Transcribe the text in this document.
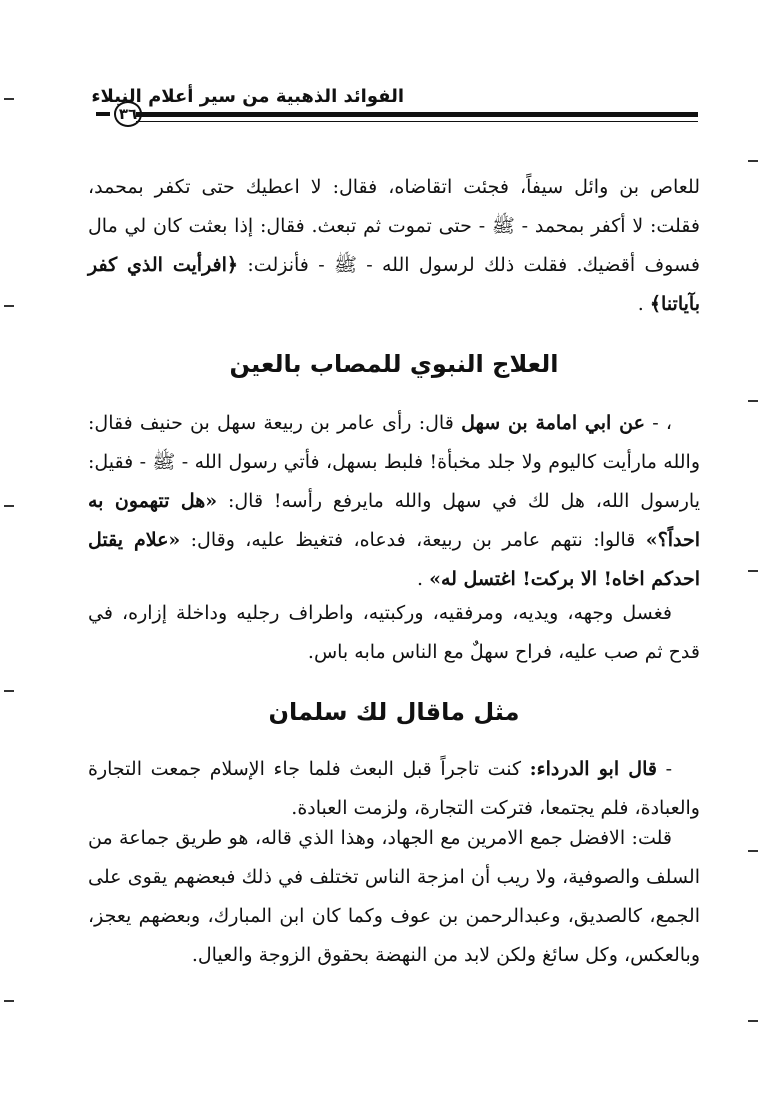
الفوائد الذهبية من سير أعلام النبلاء
٣٦
للعاص بن وائل سيفاً، فجئت اتقاضاه، فقال: لا اعطيك حتى تكفر بمحمد، فقلت: لا أكفر بمحمد - ﷺ - حتى تموت ثم تبعث. فقال: إذا بعثت كان لي مال فسوف أقضيك. فقلت ذلك لرسول الله - ﷺ - فأنزلت: ﴿افرأيت الذي كفر بآياتنا﴾ .
العلاج النبوي للمصاب بالعين
، - عن ابي امامة بن سهل قال: رأى عامر بن ربيعة سهل بن حنيف فقال: والله مارأيت كاليوم ولا جلد مخبأة! فلبط بسهل، فأتي رسول الله - ﷺ - فقيل: يارسول الله، هل لك في سهل والله مايرفع رأسه! قال: «هل تتهمون به احداً؟» قالوا: نتهم عامر بن ربيعة، فدعاه، فتغيظ عليه، وقال: «علام يقتل احدكم اخاه! الا بركت! اغتسل له» .
فغسل وجهه، ويديه، ومرفقيه، وركبتيه، واطراف رجليه وداخلة إزاره، في قدح ثم صب عليه، فراح سهلٌ مع الناس مابه باس.
مثل ماقال لك سلمان
- قال ابو الدرداء: كنت تاجراً قبل البعث فلما جاء الإسلام جمعت التجارة والعبادة، فلم يجتمعا، فتركت التجارة، ولزمت العبادة.
قلت: الافضل جمع الامرين مع الجهاد، وهذا الذي قاله، هو طريق جماعة من السلف والصوفية، ولا ريب أن امزجة الناس تختلف في ذلك فبعضهم يقوى على الجمع، كالصديق، وعبدالرحمن بن عوف وكما كان ابن المبارك، وبعضهم يعجز، وبالعكس، وكل سائغ ولكن لابد من النهضة بحقوق الزوجة والعيال.
